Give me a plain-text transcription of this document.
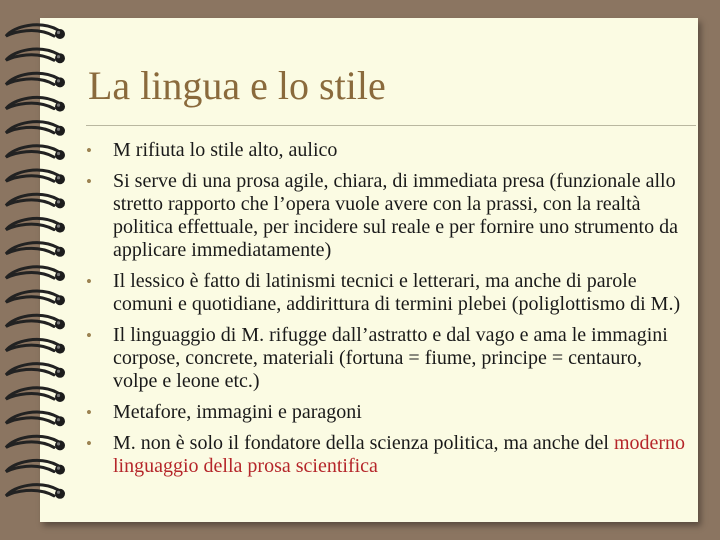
La lingua e lo stile
• M rifiuta lo stile alto, aulico
• Si serve di una prosa agile, chiara, di immediata presa (funzionale allo stretto rapporto che l’opera vuole avere con la prassi, con la realtà politica effettuale, per incidere sul reale e per fornire uno strumento da applicare immediatamente)
• Il lessico è fatto di latinismi tecnici e letterari, ma anche di parole comuni e quotidiane, addirittura di termini plebei (poliglottismo di M.)
• Il linguaggio di M. rifugge dall’astratto e dal vago e ama le immagini corpose, concrete, materiali (fortuna = fiume, principe = centauro, volpe e leone etc.)
• Metafore, immagini e paragoni
• M. non è solo il fondatore della scienza politica, ma anche del moderno linguaggio della prosa scientifica
